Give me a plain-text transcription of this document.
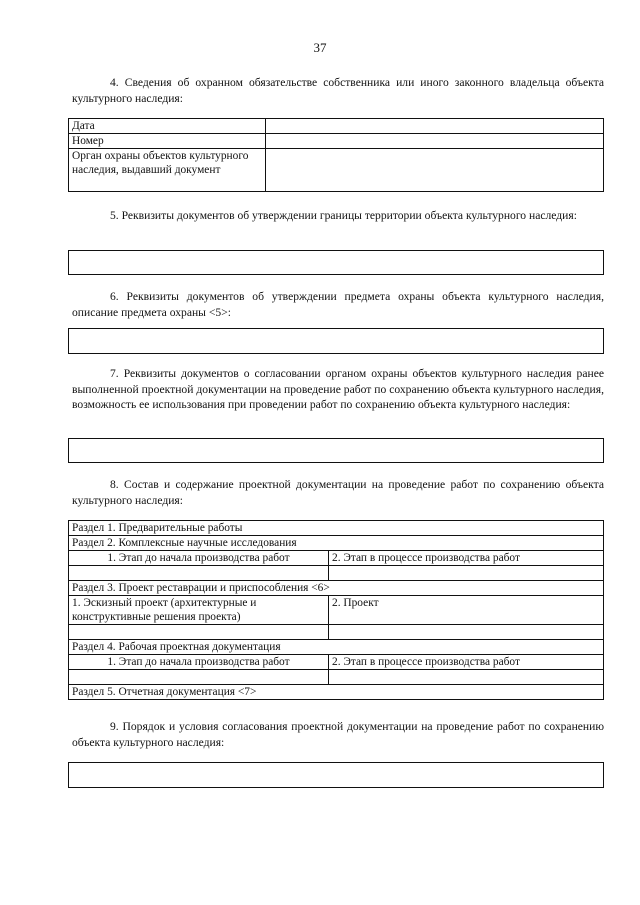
37
4. Сведения об охранном обязательстве собственника или иного законного владельца объекта культурного наследия:
Дата	
Номер	
Орган охраны объектов культурного наследия, выдавший документ	
5. Реквизиты документов об утверждении границы территории объекта культурного наследия:
6. Реквизиты документов об утверждении предмета охраны объекта культурного наследия, описание предмета охраны <5>:
7. Реквизиты документов о согласовании органом охраны объектов культурного наследия ранее выполненной проектной документации на проведение работ по сохранению объекта культурного наследия, возможность ее использования при проведении работ по сохранению объекта культурного наследия:
8. Состав и содержание проектной документации на проведение работ по сохранению объекта культурного наследия:
Раздел 1. Предварительные работы	
Раздел 2. Комплексные научные исследования	
1. Этап до начала производства работ	2. Этап в процессе производства работ

Раздел 3. Проект реставрации и приспособления <6>	
1. Эскизный проект (архитектурные и конструктивные решения проекта)	2. Проект

Раздел 4. Рабочая проектная документация	
1. Этап до начала производства работ	2. Этап в процессе производства работ

Раздел 5. Отчетная документация <7>	
9. Порядок и условия согласования проектной документации на проведение работ по сохранению объекта культурного наследия:
